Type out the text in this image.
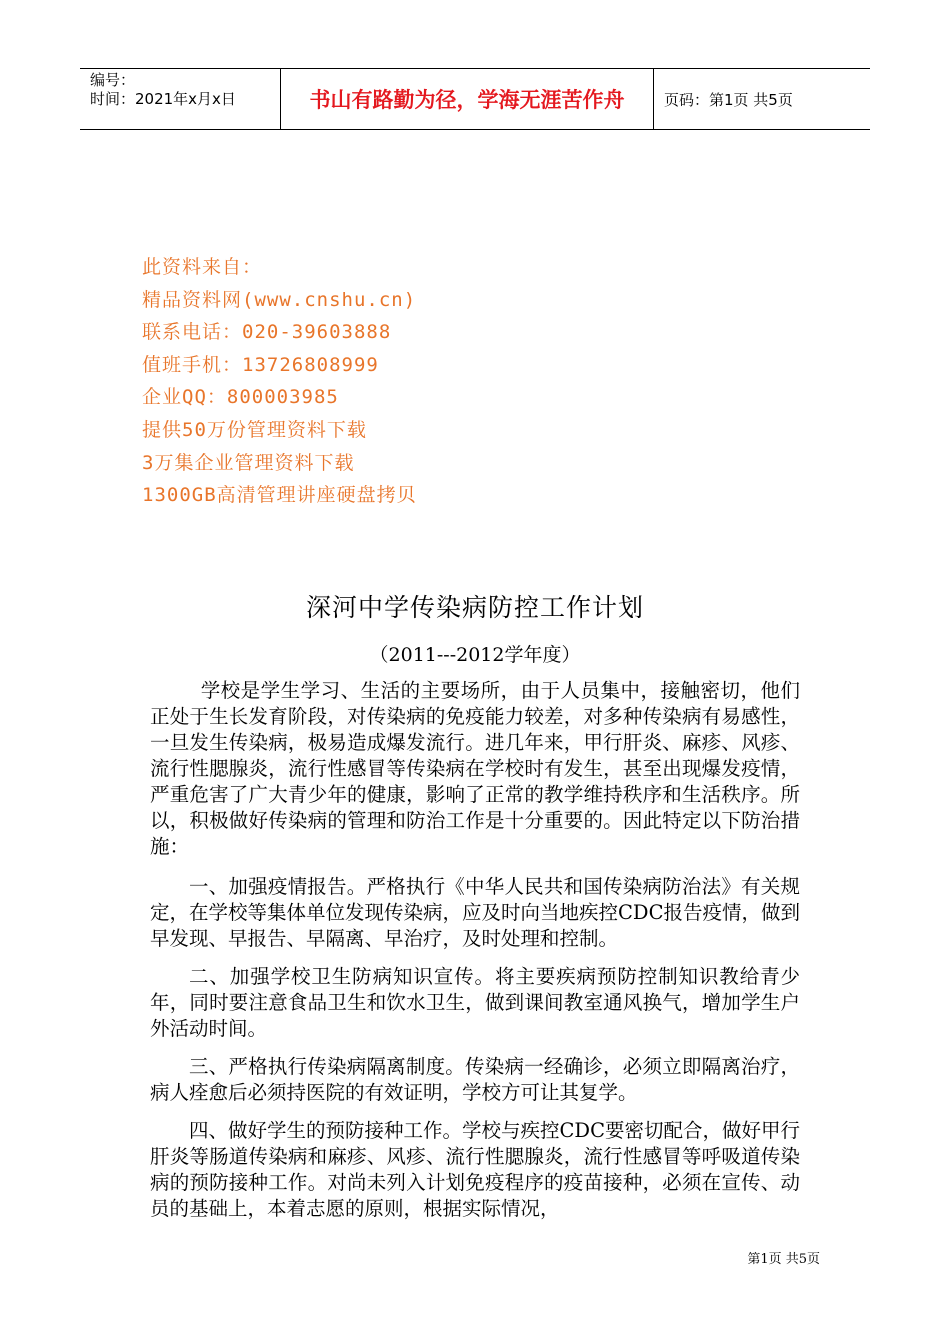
编号：
时间：2021年x月x日	书山有路勤为径，学海无涯苦作舟	页码：第1页 共5页
此资料来自：
精品资料网(www.cnshu.cn)
联系电话：020-39603888
值班手机：13726808999
企业QQ：800003985
提供50万份管理资料下载
3万集企业管理资料下载
1300GB高清管理讲座硬盘拷贝
深河中学传染病防控工作计划
（2011---2012学年度）

学校是学生学习、生活的主要场所，由于人员集中，接触密切，他们正处于生长发育阶段，对传染病的免疫能力较差，对多种传染病有易感性，一旦发生传染病，极易造成爆发流行。进几年来，甲行肝炎、麻疹、风疹、流行性腮腺炎，流行性感冒等传染病在学校时有发生，甚至出现爆发疫情，严重危害了广大青少年的健康，影响了正常的教学维持秩序和生活秩序。所以，积极做好传染病的管理和防治工作是十分重要的。因此特定以下防治措施：

一、加强疫情报告。严格执行《中华人民共和国传染病防治法》有关规定，在学校等集体单位发现传染病，应及时向当地疾控CDC报告疫情，做到早发现、早报告、早隔离、早治疗，及时处理和控制。

二、加强学校卫生防病知识宣传。将主要疾病预防控制知识教给青少年，同时要注意食品卫生和饮水卫生，做到课间教室通风换气，增加学生户外活动时间。

三、严格执行传染病隔离制度。传染病一经确诊，必须立即隔离治疗，病人痊愈后必须持医院的有效证明，学校方可让其复学。

四、做好学生的预防接种工作。学校与疾控CDC要密切配合，做好甲行肝炎等肠道传染病和麻疹、风疹、流行性腮腺炎，流行性感冒等呼吸道传染病的预防接种工作。对尚未列入计划免疫程序的疫苗接种，必须在宣传、动员的基础上，本着志愿的原则，根据实际情况，

第1页 共5页
